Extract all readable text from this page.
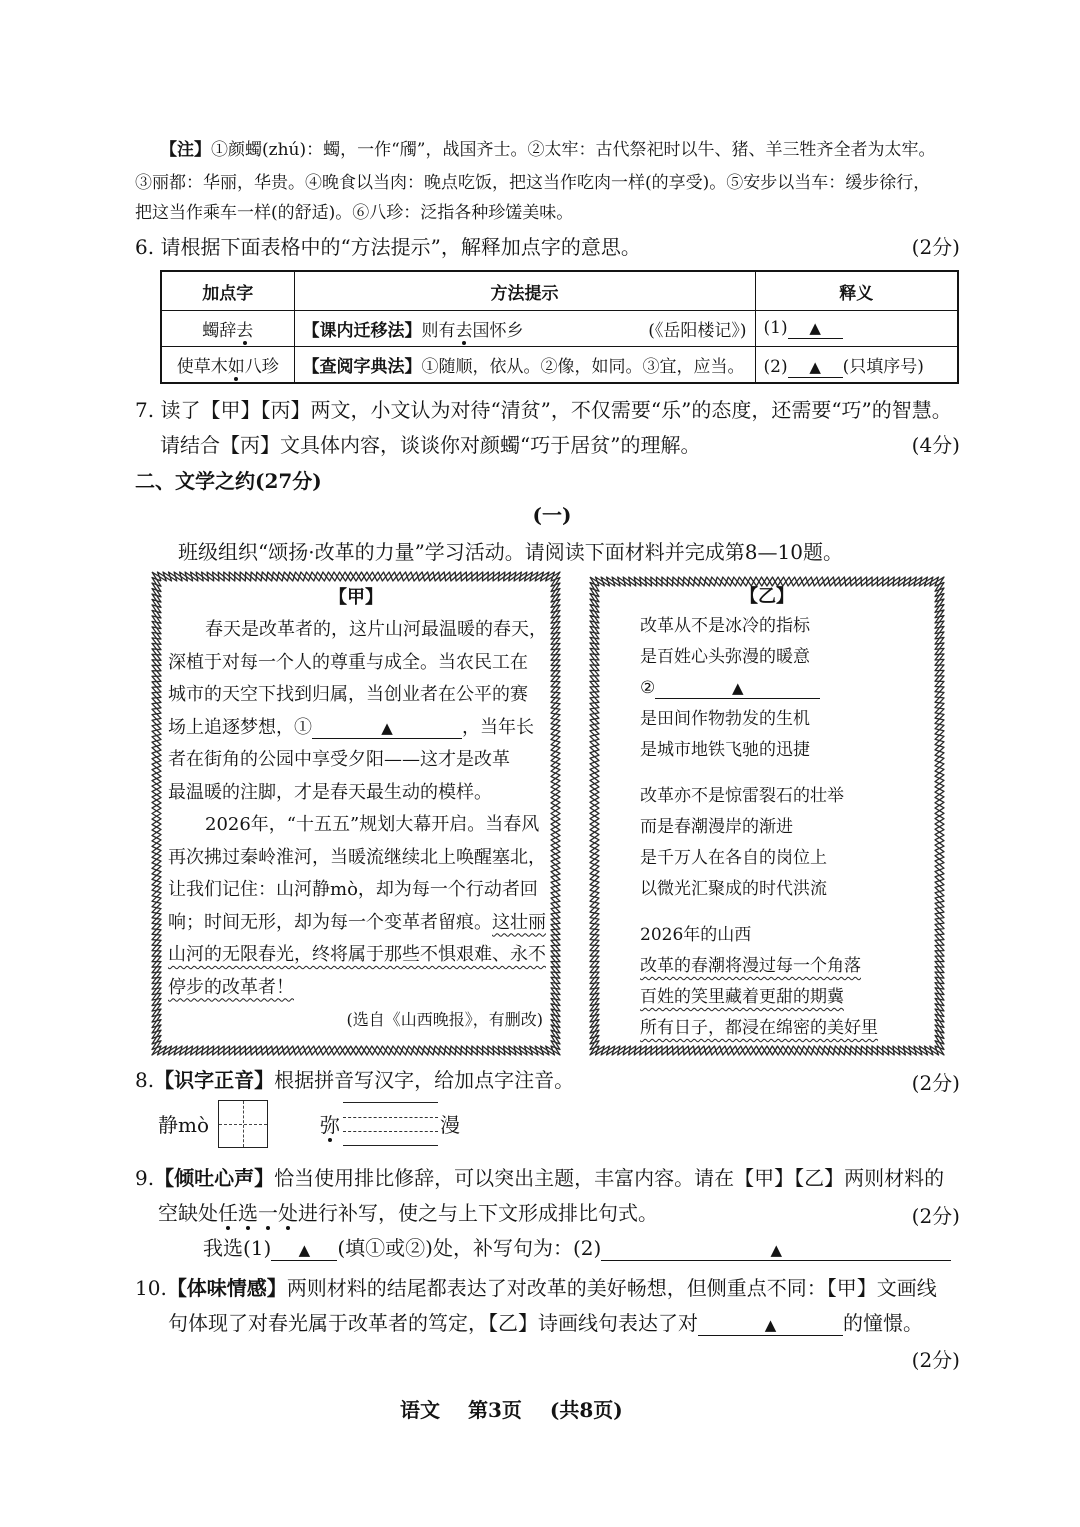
【注】①颜蠋(zhú)：蠋，一作“斶”，战国齐士。②太牢：古代祭祀时以牛、猪、羊三牲齐全者为太牢。
③丽都：华丽，华贵。④晚食以当肉：晚点吃饭，把这当作吃肉一样(的享受)。⑤安步以当车：缓步徐行，
把这当作乘车一样(的舒适)。⑥八珍：泛指各种珍馐美味。
6. 请根据下面表格中的“方法提示”，解释加点字的意思。	(2分)
加点字	方法提示	释义
蠋辞去	【课内迁移法】则有去国怀乡 (《岳阳楼记》)	(1) ▲
使草木如八珍	【查阅字典法】①随顺，依从。②像，如同。③宜，应当。	(2) ▲ (只填序号)
7. 读了【甲】【丙】两文，小文认为对待“清贫”，不仅需要“乐”的态度，还需要“巧”的智慧。
请结合【丙】文具体内容，谈谈你对颜蠋“巧于居贫”的理解。	(4分)
二、文学之约(27分)
(一)
班级组织“颂扬·改革的力量”学习活动。请阅读下面材料并完成第8—10题。
【甲】
春天是改革者的，这片山河最温暖的春天，
深植于对每一个人的尊重与成全。当农民工在
城市的天空下找到归属，当创业者在公平的赛
场上追逐梦想，①	▲	，当年长
者在街角的公园中享受夕阳——这才是改革
最温暖的注脚，才是春天最生动的模样。
2026年，“十五五”规划大幕开启。当春风
再次拂过秦岭淮河，当暖流继续北上唤醒塞北，
让我们记住：山河静mò，却为每一个行动者回
响；时间无形，却为每一个变革者留痕。这壮丽
山河的无限春光，终将属于那些不惧艰难、永不
停步的改革者！
(选自《山西晚报》，有删改)
【乙】
改革从不是冰冷的指标
是百姓心头弥漫的暖意
②	▲
是田间作物勃发的生机
是城市地铁飞驰的迅捷
改革亦不是惊雷裂石的壮举
而是春潮漫岸的渐进
是千万人在各自的岗位上
以微光汇聚成的时代洪流
2026年的山西
改革的春潮将漫过每一个角落
百姓的笑里藏着更甜的期冀
所有日子，都浸在绵密的美好里
8.【识字正音】根据拼音写汉字，给加点字注音。	(2分)
静mò	弥	漫
9.【倾吐心声】恰当使用排比修辞，可以突出主题，丰富内容。请在【甲】【乙】两则材料的
空缺处任选一处进行补写，使之与上下文形成排比句式。	(2分)
我选(1) ▲ (填①或②)处，补写句为：(2)	▲
10.【体味情感】两则材料的结尾都表达了对改革的美好畅想，但侧重点不同：【甲】文画线
句体现了对春光属于改革者的笃定，【乙】诗画线句表达了对	▲	的憧憬。
(2分)
语文 第3页 (共8页)
